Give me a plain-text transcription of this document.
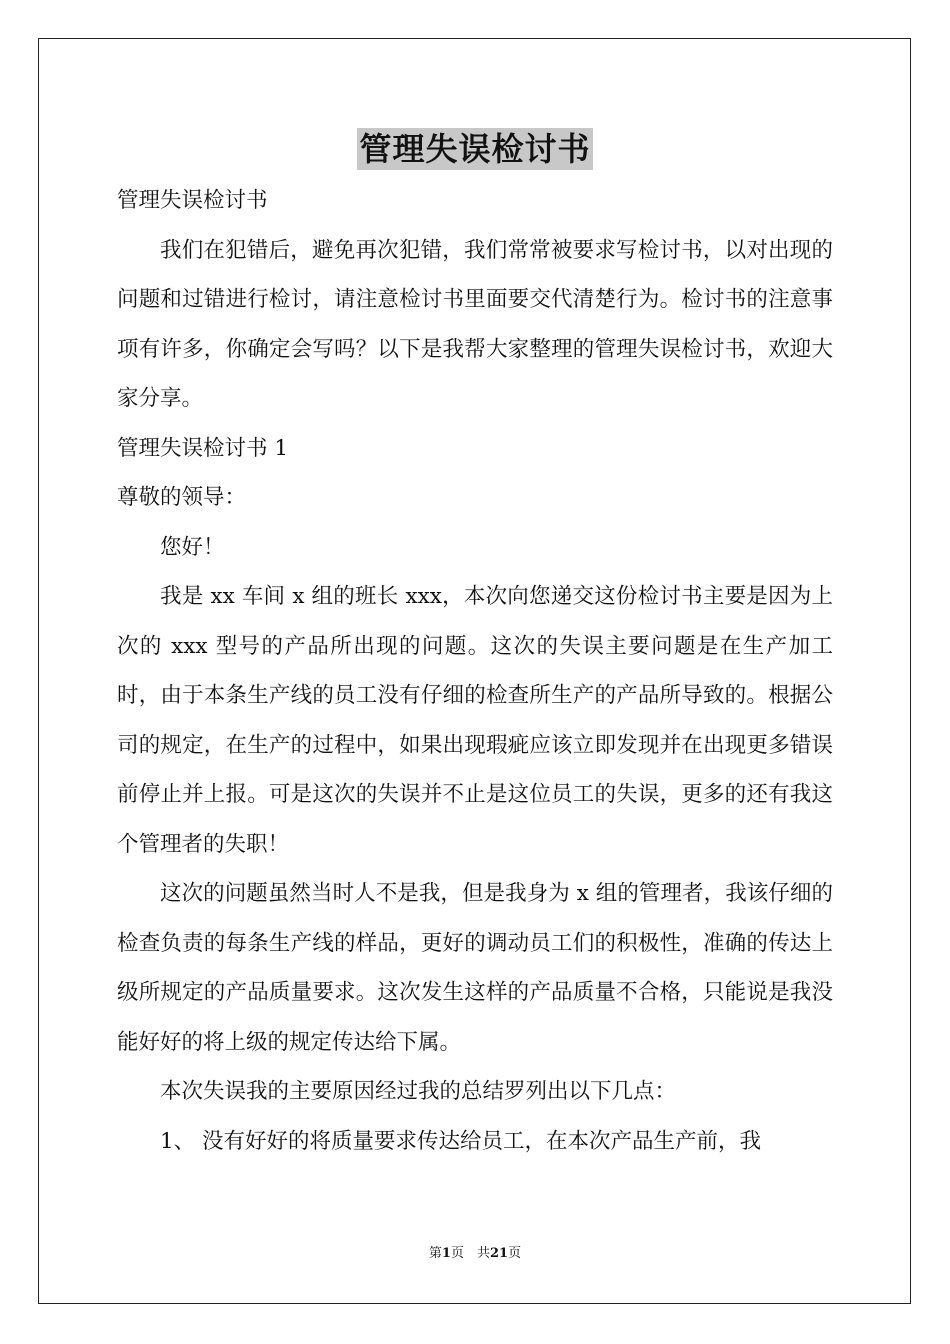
管理失误检讨书

管理失误检讨书

我们在犯错后，避免再次犯错，我们常常被要求写检讨书，以对出现的问题和过错进行检讨，请注意检讨书里面要交代清楚行为。检讨书的注意事项有许多，你确定会写吗？以下是我帮大家整理的管理失误检讨书，欢迎大家分享。

管理失误检讨书 1

尊敬的领导：

您好！

我是 xx 车间 x 组的班长 xxx，本次向您递交这份检讨书主要是因为上次的 xxx 型号的产品所出现的问题。这次的失误主要问题是在生产加工时，由于本条生产线的员工没有仔细的检查所生产的产品所导致的。根据公司的规定，在生产的过程中，如果出现瑕疵应该立即发现并在出现更多错误前停止并上报。可是这次的失误并不止是这位员工的失误，更多的还有我这个管理者的失职！

这次的问题虽然当时人不是我，但是我身为 x 组的管理者，我该仔细的检查负责的每条生产线的样品，更好的调动员工们的积极性，准确的传达上级所规定的产品质量要求。这次发生这样的产品质量不合格，只能说是我没能好好的将上级的规定传达给下属。

本次失误我的主要原因经过我的总结罗列出以下几点：

1、 没有好好的将质量要求传达给员工，在本次产品生产前，我

第1页　共21页
